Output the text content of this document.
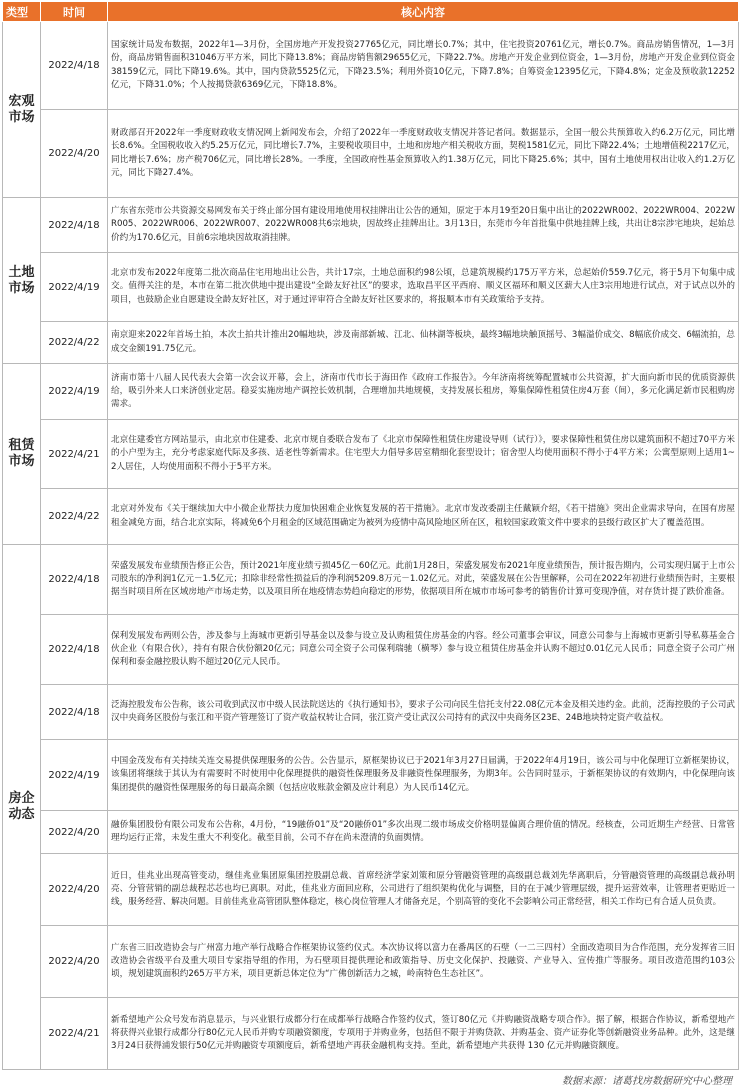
类型	时间	核心内容

宏观
市场	2022/4/18	国家统计局发布数据，2022年1—3月份，全国房地产开发投资27765亿元，同比增长0.7%；其中，住宅投资20761亿元，增长0.7%。商品房销售情况，1—3月份，商品房销售面积31046万平方米，同比下降13.8%；商品房销售额29655亿元，下降22.7%。房地产开发企业到位资金，1—3月份，房地产开发企业到位资金38159亿元，同比下降19.6%。其中，国内贷款5525亿元，下降23.5%；利用外资10亿元，下降7.8%；自筹资金12395亿元，下降4.8%；定金及预收款12252亿元，下降31.0%；个人按揭贷款6369亿元，下降18.8%。
	2022/4/20	财政部召开2022年一季度财政收支情况网上新闻发布会，介绍了2022年一季度财政收支情况并答记者问。数据显示，全国一般公共预算收入约6.2万亿元，同比增长8.6%。全国税收收入约5.25万亿元，同比增长7.7%，主要税收项目中，土地和房地产相关税收方面，契税1581亿元，同比下降22.4%；土地增值税2217亿元，同比增长7.6%；房产税706亿元，同比增长28%。一季度，全国政府性基金预算收入约1.38万亿元，同比下降25.6%；其中，国有土地使用权出让收入约1.2万亿元，同比下降27.4%。

土地
市场	2022/4/18	广东省东莞市公共资源交易网发布关于终止部分国有建设用地使用权挂牌出让公告的通知，原定于本月19至20日集中出让的2022WR002、2022WR004、2022WR005、2022WR006、2022WR007、2022WR008共6宗地块，因故终止挂牌出让。3月13日，东莞市今年首批集中供地挂牌上线，共出让8宗涉宅地块，起始总价约为170.6亿元，目前6宗地块因故取消挂牌。
	2022/4/19	北京市发布2022年度第二批次商品住宅用地出让公告，共计17宗，土地总面积约98公顷，总建筑规模约175万平方米，总起始价559.7亿元，将于5月下旬集中成交。值得关注的是，本市在第二批次供地中提出建设“全龄友好社区”的要求，选取昌平区平西府、顺义区福环和顺义区薪大人庄3宗用地进行试点，对于试点以外的项目，也鼓励企业自愿建设全龄友好社区，对于通过评审符合全龄友好社区要求的，将报顺本市有关政策给予支持。
	2022/4/22	南京迎来2022年首场土拍，本次土拍共计推出20幅地块，涉及南部新城、江北、仙林湖等板块，最终3幅地块触顶摇号、3幅溢价成交、8幅底价成交、6幅流拍，总成交金额191.75亿元。

租赁
市场	2022/4/19	济南市第十八届人民代表大会第一次会议开幕，会上，济南市代市长于海田作《政府工作报告》。今年济南将统筹配置城市公共资源，扩大面向新市民的优质资源供给，吸引外来人口来济创业定居。稳妥实施房地产调控长效机制，合理增加共地规模，支持发展长租房，筹集保障性租赁住房4万套（间），多元化满足新市民租购房需求。
	2022/4/21	北京住建委官方网站显示，由北京市住建委、北京市规自委联合发布了《北京市保障性租赁住房建设导则（试行）》，要求保障性租赁住房以建筑面积不超过70平方米的小户型为主，充分考虑家庭代际及多孩、适老性等新需求。住宅型大力倡导多居室精细化套型设计；宿舍型人均使用面积不得小于4平方米；公寓型原则上适用1~2人居住，人均使用面积不得小于5平方米。
	2022/4/22	北京对外发布《关于继续加大中小微企业帮扶力度加快困难企业恢复发展的若干措施》。北京市发改委副主任戴颖介绍，《若干措施》突出企业需求导向，在国有房屋租金减免方面，结合北京实际，将减免6个月租金的区域范围确定为被列为疫情中高风险地区所在区，租较国家政策文件中要求的县级行政区扩大了覆盖范围。

房企
动态	2022/4/18	荣盛发展发布业绩预告修正公告，预计2021年度业绩亏损45亿－60亿元。此前1月28日，荣盛发展发布2021年度业绩预告，预计报告期内，公司实现归属于上市公司股东的净利润1亿元－1.5亿元；扣除非经常性损益后的净利润5209.8万元－1.02亿元。对此，荣盛发展在公告里解释，公司在2022年初进行业绩预告时，主要根据当时项目所在区域房地产市场走势，以及项目所在地疫情态势趋向稳定的形势，依据项目所在城市市场可参考的销售价计算可变现净值，对存货计提了跌价准备。
	2022/4/18	保利发展发布两则公告，涉及参与上海城市更新引导基金以及参与设立及认购租赁住房基金的内容。经公司董事会审议，同意公司参与上海城市更新引导私募基金合伙企业（有限合伙），持有有限合伙份额20亿元；同意公司全资子公司保利瑞驰（横琴）参与设立租赁住房基金并认购不超过0.01亿元人民币；同意全资子公司广州保利和泰金融控股认购不超过20亿元人民币。
	2022/4/18	泛海控股发布公告称，该公司收到武汉市中级人民法院送达的《执行通知书》，要求子公司向民生信托支付22.08亿元本金及相关违约金。此前，泛海控股的子公司武汉中央商务区股份与张江和平资产管理签订了资产收益权转让合同，张江资产受让武汉公司持有的武汉中央商务区23E、24B地块特定资产收益权。
	2022/4/19	中国金茂发布有关持续关连交易提供保理服务的公告。公告显示，原框架协议已于2021年3月27日届满，于2022年4月19日，该公司与中化保理订立新框架协议，该集团将继续于其认为有需要时不时使用中化保理提供的融资性保理服务及非融资性保理服务，为期3年。公告同时显示，于新框架协议的有效期内，中化保理向该集团提供的融资性保理服务的每日最高余额（包括应收账款金额及应计利息）为人民币14亿元。
	2022/4/20	融侨集团股份有限公司发布公告称，4月份，“19融侨01”及“20融侨01”多次出现二级市场成交价格明显偏离合理价值的情况。经核查，公司近期生产经营、日常管理均运行正常，未发生重大不利变化。截至目前，公司不存在尚未澄清的负面舆情。
	2022/4/20	近日，佳兆业出现高管变动，继佳兆业集团原集团控股副总裁、首席经济学家刘策和原分管融资管理的高级副总裁刘先华离职后，分管融资管理的高级副总裁孙明亮、分管营销的副总裁程芯芯也均已离职。对此，佳兆业方面回应称，公司进行了组织架构优化与调整，目的在于减少管理层级，提升运营效率，让管理者更贴近一线，服务经营、解决问题。目前佳兆业高管团队整体稳定，核心岗位管理人才储备充足，个别高管的变化不会影响公司正常经营，相关工作均已有合适人员负责。
	2022/4/20	广东省三旧改造协会与广州富力地产举行战略合作框架协议签约仪式。本次协议将以富力在番禺区的石壁（一二三四村）全面改造项目为合作范围，充分发挥省三旧改造协会省级平台及重大项目专家指导组的作用，为石壁项目提供理论和政策指导、历史文化保护、投融资、产业导入、宣传推广等服务。项目改造范围约103公顷，规划建筑面积约265万平方米，项目更新总体定位为“广佛创新活力之城，岭南特色生态社区”。
	2022/4/21	新希望地产公众号发布消息显示，与兴业银行成都分行在成都举行战略合作签约仪式，签订80亿元《并购融资战略专项合作》。据了解，根据合作协议，新希望地产将获得兴业银行成都分行80亿元人民币并购专项融资额度，专项用于并购业务，包括但不限于并购贷款、并购基金、资产证券化等创新融资业务品种。此外，这是继3月24日获得浦发银行50亿元并购融资专项额度后，新希望地产再获金融机构支持。至此，新希望地产共获得 130 亿元并购融资额度。
数据来源：诸葛找房数据研究中心整理
